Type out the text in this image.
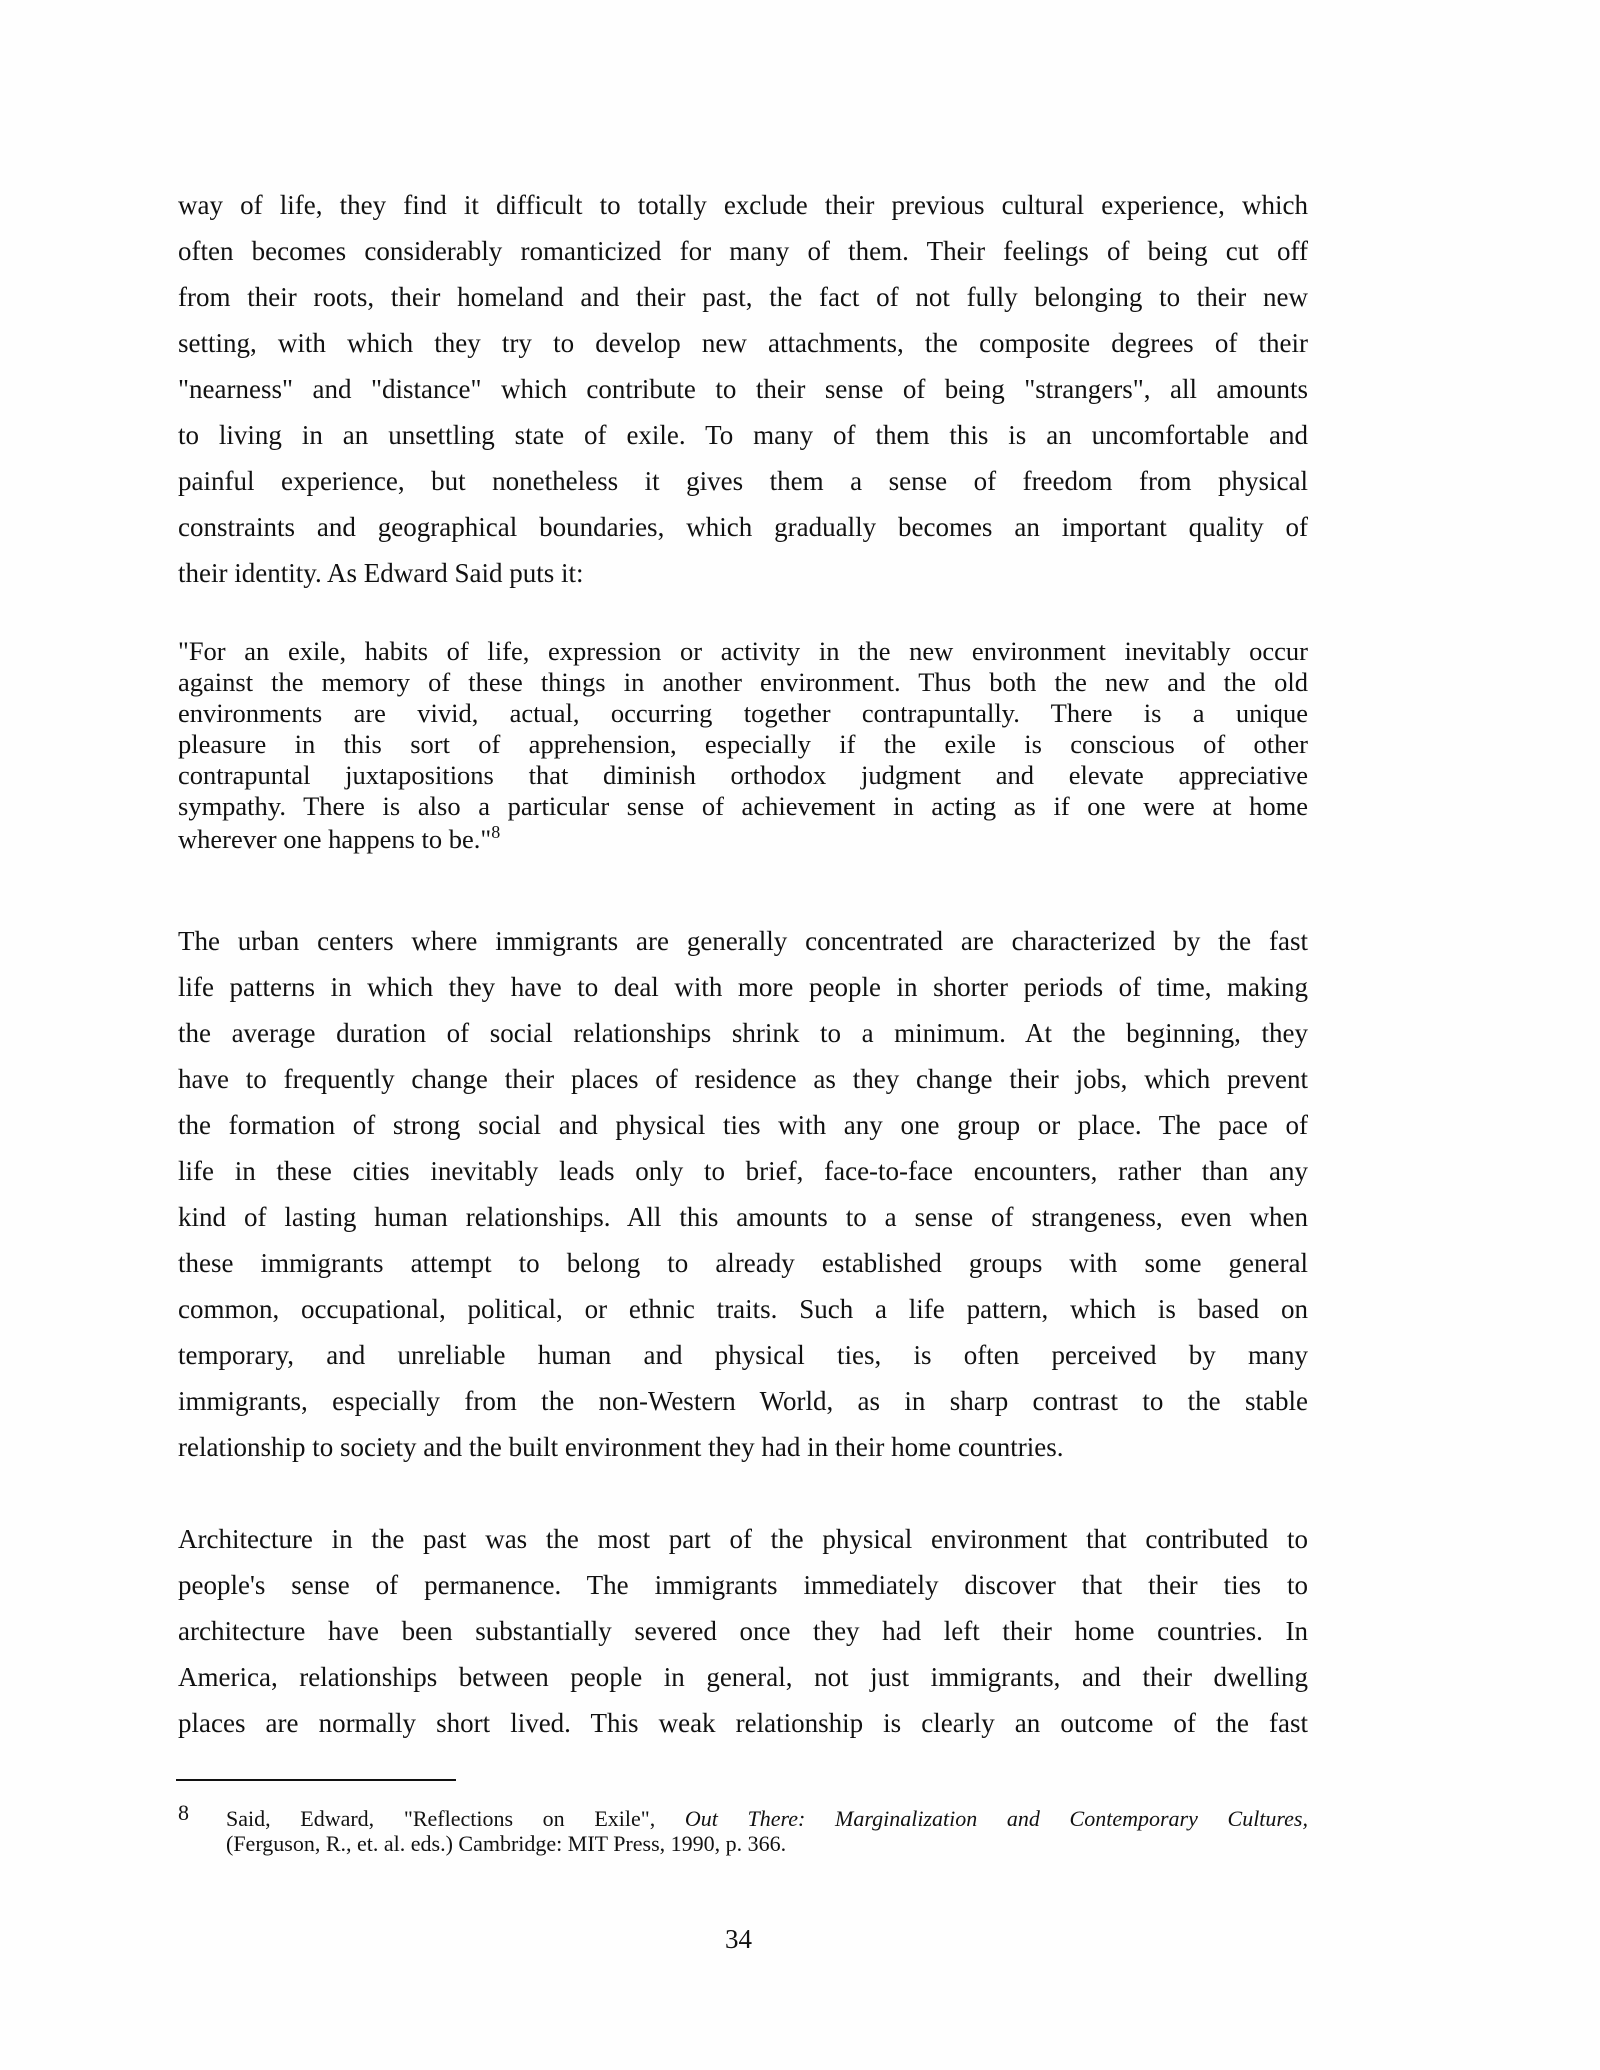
way of life, they find it difficult to totally exclude their previous cultural experience, which
often becomes considerably romanticized for many of them. Their feelings of being cut off
from their roots, their homeland and their past, the fact of not fully belonging to their new
setting, with which they try to develop new attachments, the composite degrees of their
"nearness" and "distance" which contribute to their sense of being "strangers", all amounts
to living in an unsettling state of exile. To many of them this is an uncomfortable and
painful experience, but nonetheless it gives them a sense of freedom from physical
constraints and geographical boundaries, which gradually becomes an important quality of
their identity. As Edward Said puts it:
"For an exile, habits of life, expression or activity in the new environment inevitably occur
against the memory of these things in another environment. Thus both the new and the old
environments are vivid, actual, occurring together contrapuntally. There is a unique
pleasure in this sort of apprehension, especially if the exile is conscious of other
contrapuntal juxtapositions that diminish orthodox judgment and elevate appreciative
sympathy. There is also a particular sense of achievement in acting as if one were at home
wherever one happens to be."$^8$
The urban centers where immigrants are generally concentrated are characterized by the fast
life patterns in which they have to deal with more people in shorter periods of time, making
the average duration of social relationships shrink to a minimum. At the beginning, they
have to frequently change their places of residence as they change their jobs, which prevent
the formation of strong social and physical ties with any one group or place. The pace of
life in these cities inevitably leads only to brief, face-to-face encounters, rather than any
kind of lasting human relationships. All this amounts to a sense of strangeness, even when
these immigrants attempt to belong to already established groups with some general
common, occupational, political, or ethnic traits. Such a life pattern, which is based on
temporary, and unreliable human and physical ties, is often perceived by many
immigrants, especially from the non-Western World, as in sharp contrast to the stable
relationship to society and the built environment they had in their home countries.
Architecture in the past was the most part of the physical environment that contributed to
people's sense of permanence. The immigrants immediately discover that their ties to
architecture have been substantially severed once they had left their home countries. In
America, relationships between people in general, not just immigrants, and their dwelling
places are normally short lived. This weak relationship is clearly an outcome of the fast
8 Said, Edward, "Reflections on Exile", Out There: Marginalization and Contemporary Cultures,
(Ferguson, R., et. al. eds.) Cambridge: MIT Press, 1990, p. 366.
34
